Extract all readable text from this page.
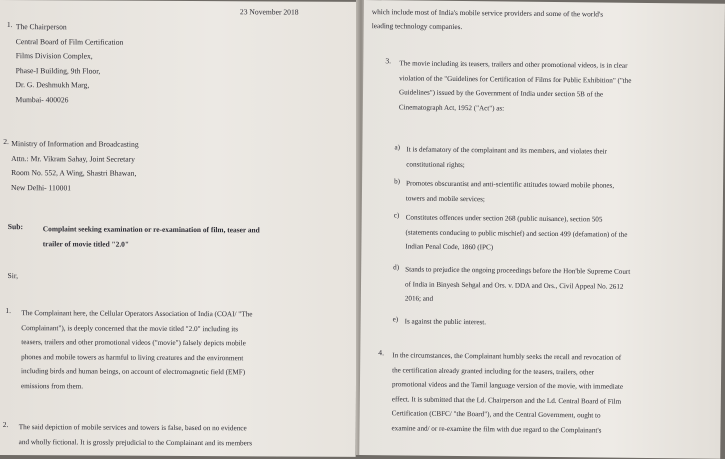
23 November 2018
1. The Chairperson
Central Board of Film Certification
Films Division Complex,
Phase-I Building, 9th Floor,
Dr. G. Deshmukh Marg,
Mumbai- 400026
2. Ministry of Information and Broadcasting
Attn.: Mr. Vikram Sahay, Joint Secretary
Room No. 552, A Wing, Shastri Bhawan,
New Delhi- 110001
Sub:	Complaint seeking examination or re-examination of film, teaser and
trailer of movie titled "2.0"
Sir,
1. The Complainant here, the Cellular Operators Association of India (COAI/ "The
Complainant"), is deeply concerned that the movie titled "2.0" including its
teasers, trailers and other promotional videos ("movie") falsely depicts mobile
phones and mobile towers as harmful to living creatures and the environment
including birds and human beings, on account of electromagnetic field (EMF)
emissions from them.
2. The said depiction of mobile services and towers is false, based on no evidence
and wholly fictional. It is grossly prejudicial to the Complainant and its members
which include most of India's mobile service providers and some of the world's
leading technology companies.
3. The movie including its teasers, trailers and other promotional videos, is in clear
violation of the "Guidelines for Certification of Films for Public Exhibition" ("the
Guidelines") issued by the Government of India under section 5B of the
Cinematograph Act, 1952 ("Act") as:
a) It is defamatory of the complainant and its members, and violates their
constitutional rights;
b) Promotes obscurantist and anti-scientific attitudes toward mobile phones,
towers and mobile services;
c) Constitutes offences under section 268 (public nuisance), section 505
(statements conducing to public mischief) and section 499 (defamation) of the
Indian Penal Code, 1860 (IPC)
d) Stands to prejudice the ongoing proceedings before the Hon'ble Supreme Court
of India in Binyesh Sehgal and Ors. v. DDA and Ors., Civil Appeal No. 2612
2016; and
e) Is against the public interest.
4. In the circumstances, the Complainant humbly seeks the recall and revocation of
the certification already granted including for the teasers, trailers, other
promotional videos and the Tamil language version of the movie, with immediate
effect. It is submitted that the Ld. Chairperson and the Ld. Central Board of Film
Certification (CBFC/ "the Board"), and the Central Government, ought to
examine and/ or re-examine the film with due regard to the Complainant's
